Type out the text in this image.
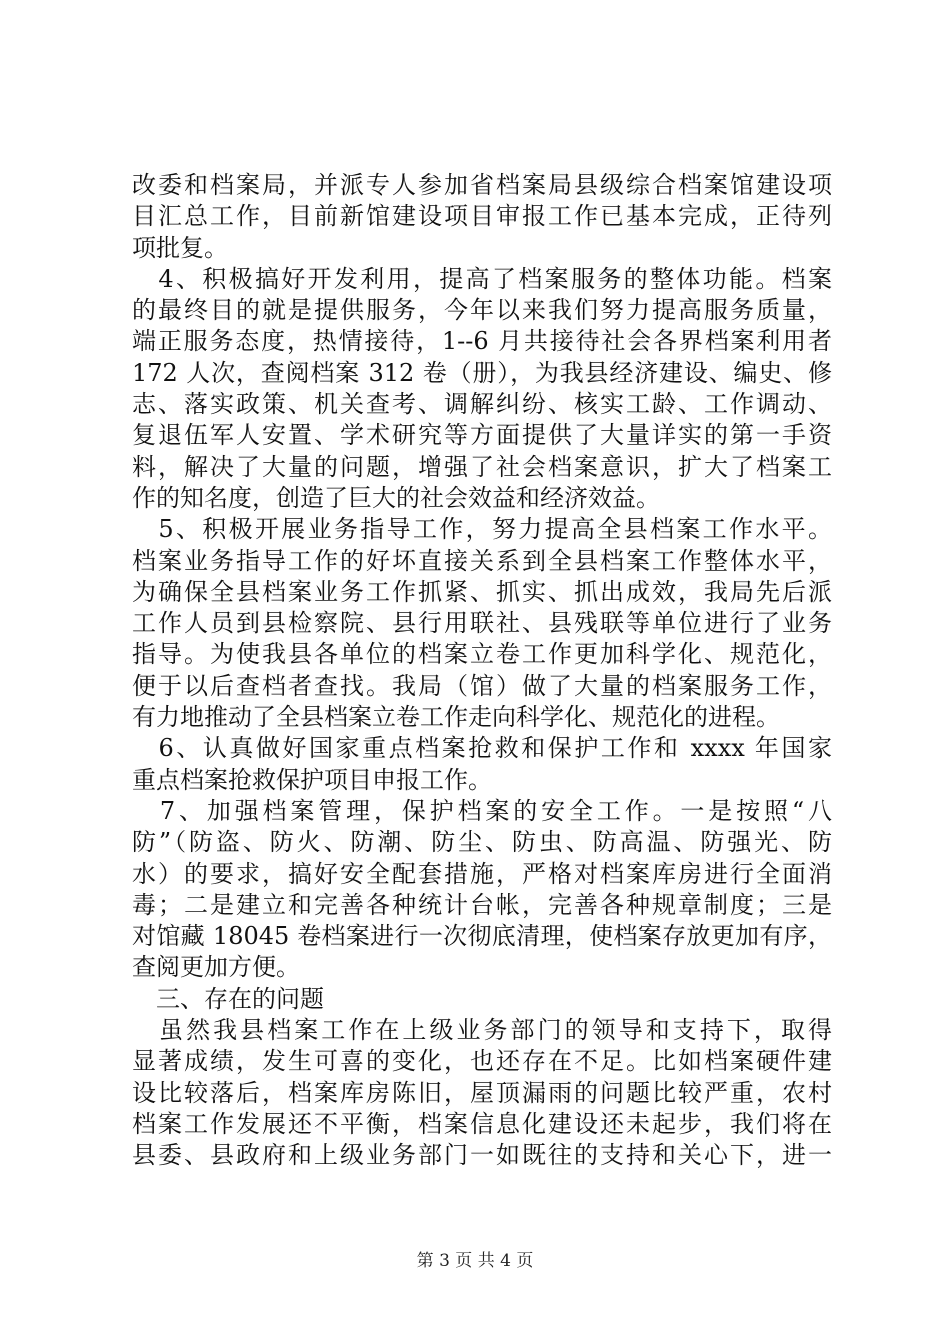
改委和档案局，并派专人参加省档案局县级综合档案馆建设项
目汇总工作，目前新馆建设项目审报工作已基本完成，正待列
项批复。
　4、积极搞好开发利用，提高了档案服务的整体功能。档案
的最终目的就是提供服务，今年以来我们努力提高服务质量，
端正服务态度，热情接待，1--6 月共接待社会各界档案利用者
172 人次，查阅档案 312 卷（册），为我县经济建设、编史、修
志、落实政策、机关查考、调解纠纷、核实工龄、工作调动、
复退伍军人安置、学术研究等方面提供了大量详实的第一手资
料，解决了大量的问题，增强了社会档案意识，扩大了档案工
作的知名度，创造了巨大的社会效益和经济效益。
　5、积极开展业务指导工作，努力提高全县档案工作水平。
档案业务指导工作的好坏直接关系到全县档案工作整体水平，
为确保全县档案业务工作抓紧、抓实、抓出成效，我局先后派
工作人员到县检察院、县行用联社、县残联等单位进行了业务
指导。为使我县各单位的档案立卷工作更加科学化、规范化，
便于以后查档者查找。我局（馆）做了大量的档案服务工作，
有力地推动了全县档案立卷工作走向科学化、规范化的进程。
　6、认真做好国家重点档案抢救和保护工作和 xxxx 年国家
重点档案抢救保护项目申报工作。
　7、加强档案管理，保护档案的安全工作。一是按照“八
防”（防盗、防火、防潮、防尘、防虫、防高温、防强光、防
水）的要求，搞好安全配套措施，严格对档案库房进行全面消
毒；二是建立和完善各种统计台帐，完善各种规章制度；三是
对馆藏 18045 卷档案进行一次彻底清理，使档案存放更加有序，
查阅更加方便。
　三、存在的问题
　虽然我县档案工作在上级业务部门的领导和支持下，取得
显著成绩，发生可喜的变化，也还存在不足。比如档案硬件建
设比较落后，档案库房陈旧，屋顶漏雨的问题比较严重，农村
档案工作发展还不平衡，档案信息化建设还未起步，我们将在
县委、县政府和上级业务部门一如既往的支持和关心下，进一
第 3 页 共 4 页
